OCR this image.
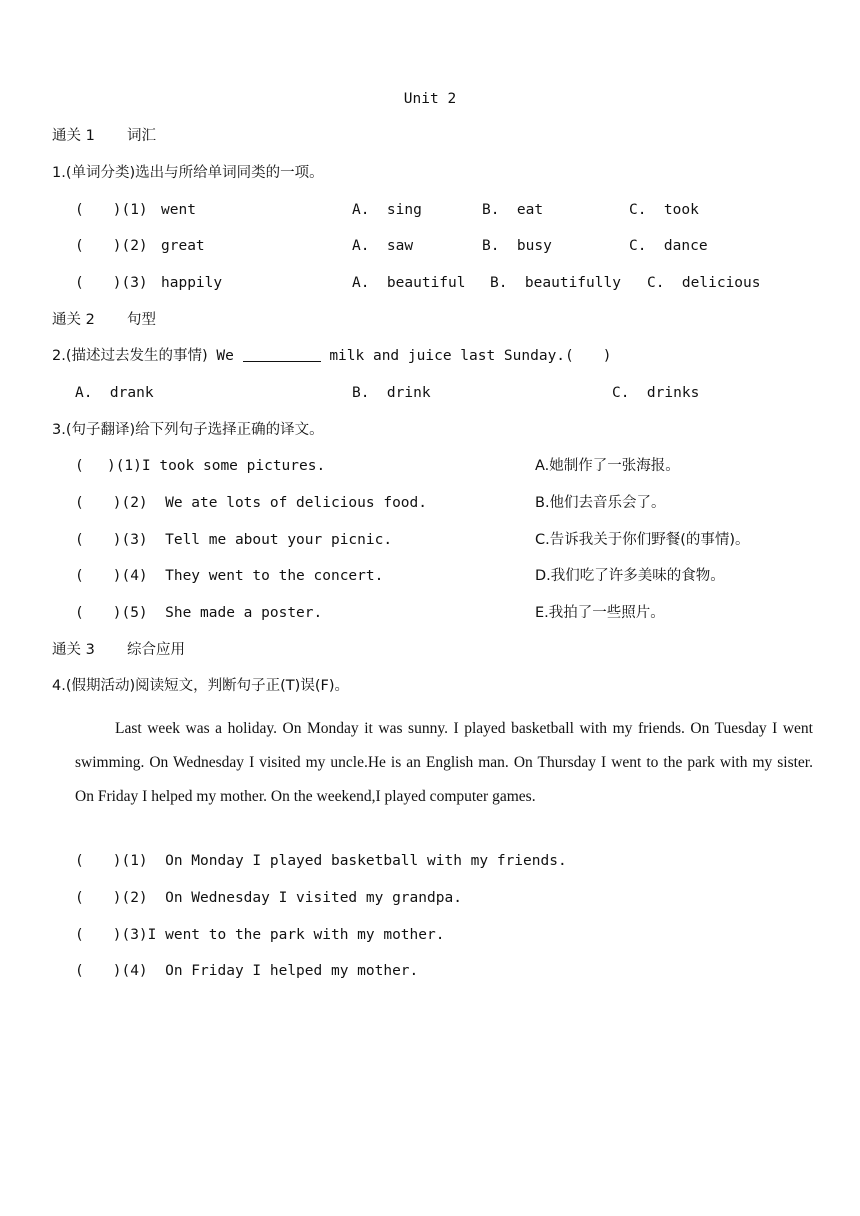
Unit 2
通关 1 词汇
1.(单词分类)选出与所给单词同类的一项。
(　　)(1) went	A.  sing	B.  eat	C.  took
(　　)(2) great	A.  saw	B.  busy	C.  dance
(　　)(3) happily	A.  beautiful B.  beautifully C.  delicious
通关 2 句型
2.(描述过去发生的事情) We	milk and juice last Sunday.(　　)
A.  drank	B.  drink	C.  drinks
3.(句子翻译)给下列句子选择正确的译文。
(　 )(1)I took some pictures.	A.她制作了一张海报。
(　　)(2)  We ate lots of delicious food.	B.他们去音乐会了。
(　　)(3)  Tell me about your picnic.	C.告诉我关于你们野餐(的事情)。
(　　)(4)  They went to the concert.	D.我们吃了许多美味的食物。
(　　)(5)  She made a poster.	E.我拍了一些照片。
通关 3 综合应用
4.(假期活动)阅读短文，判断句子正(T)误(F)。
Last week was a holiday. On Monday it was sunny. I played basketball with my friends. On Tuesday I went swimming. On Wednesday I visited my uncle.He is an English man. On Thursday I went to the park with my sister. On Friday I helped my mother. On the weekend,I played computer games.
(　　)(1)  On Monday I played basketball with my friends.
(　　)(2)  On Wednesday I visited my grandpa.
(　　)(3)I went to the park with my mother.
(　　)(4)  On Friday I helped my mother.
